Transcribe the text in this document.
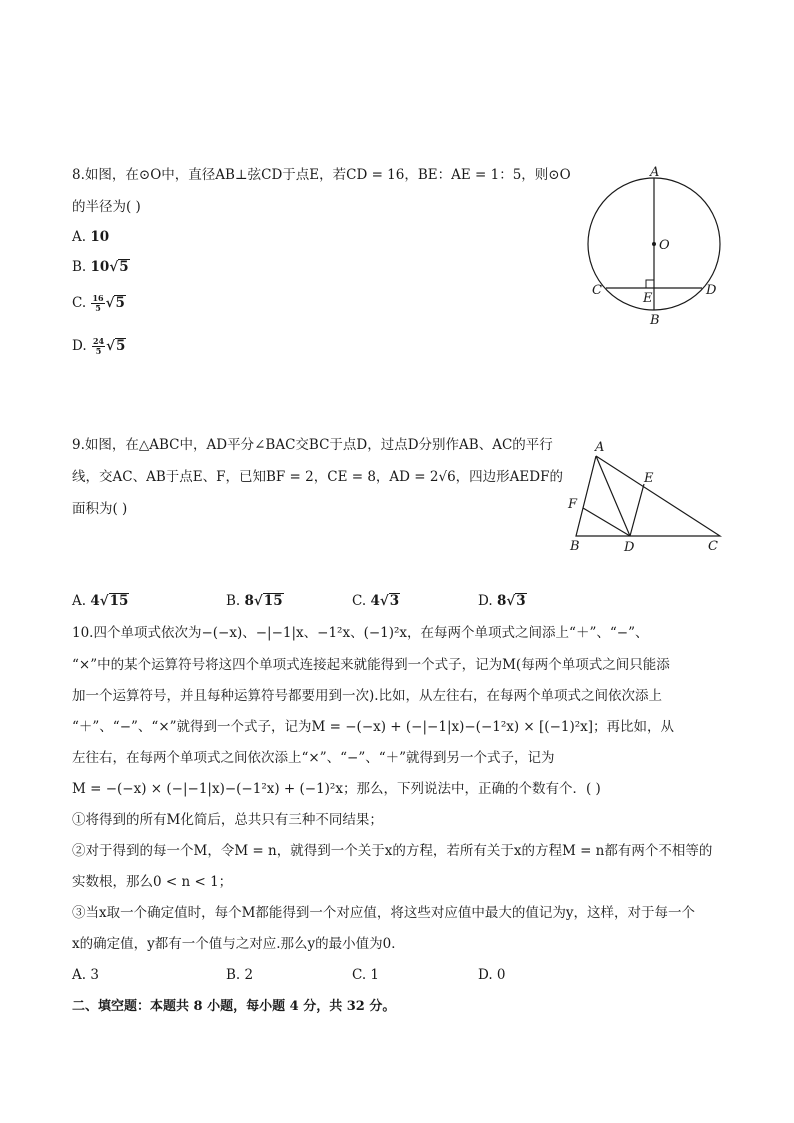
8.如图，在⊙O中，直径AB⊥弦CD于点E，若CD = 16，BE：AE = 1：5，则⊙O
的半径为( )
A. 10
B. 10√5
C. $\frac{16}{5} √5$
D. $\frac{24}{5} √5$
A
O
C
E
D
B
9.如图，在△ABC中，AD平分∠BAC交BC于点D，过点D分别作AB、AC的平行
线，交AC、AB于点E、F，已知BF = 2，CE = 8，AD = 2√6，四边形AEDF的
面积为( )
A
E
F
B	D	C
A. 4√15	B. 8√15	C. 4√3	D. 8√3
10.四个单项式依次为−(−x)、−|−1|x、−1²x、(−1)²x，在每两个单项式之间添上“＋”、“−”、
“×”中的某个运算符号将这四个单项式连接起来就能得到一个式子，记为M(每两个单项式之间只能添
加一个运算符号，并且每种运算符号都要用到一次).比如，从左往右，在每两个单项式之间依次添上
“＋”、“−”、“×”就得到一个式子，记为M = −(−x) + (−|−1|x)−(−1²x) × [(−1)²x]；再比如，从
左往右，在每两个单项式之间依次添上“×”、“−”、“＋”就得到另一个式子，记为
M = −(−x) × (−|−1|x)−(−1²x) + (−1)²x；那么，下列说法中，正确的个数有个．( )
①将得到的所有M化简后，总共只有三种不同结果；
②对于得到的每一个M，令M = n，就得到一个关于x的方程，若所有关于x的方程M = n都有两个不相等的
实数根，那么0 < n < 1；
③当x取一个确定值时，每个M都能得到一个对应值，将这些对应值中最大的值记为y，这样，对于每一个
x的确定值，y都有一个值与之对应.那么y的最小值为0．
A. 3	B. 2	C. 1	D. 0
二、填空题：本题共 8 小题，每小题 4 分，共 32 分。
